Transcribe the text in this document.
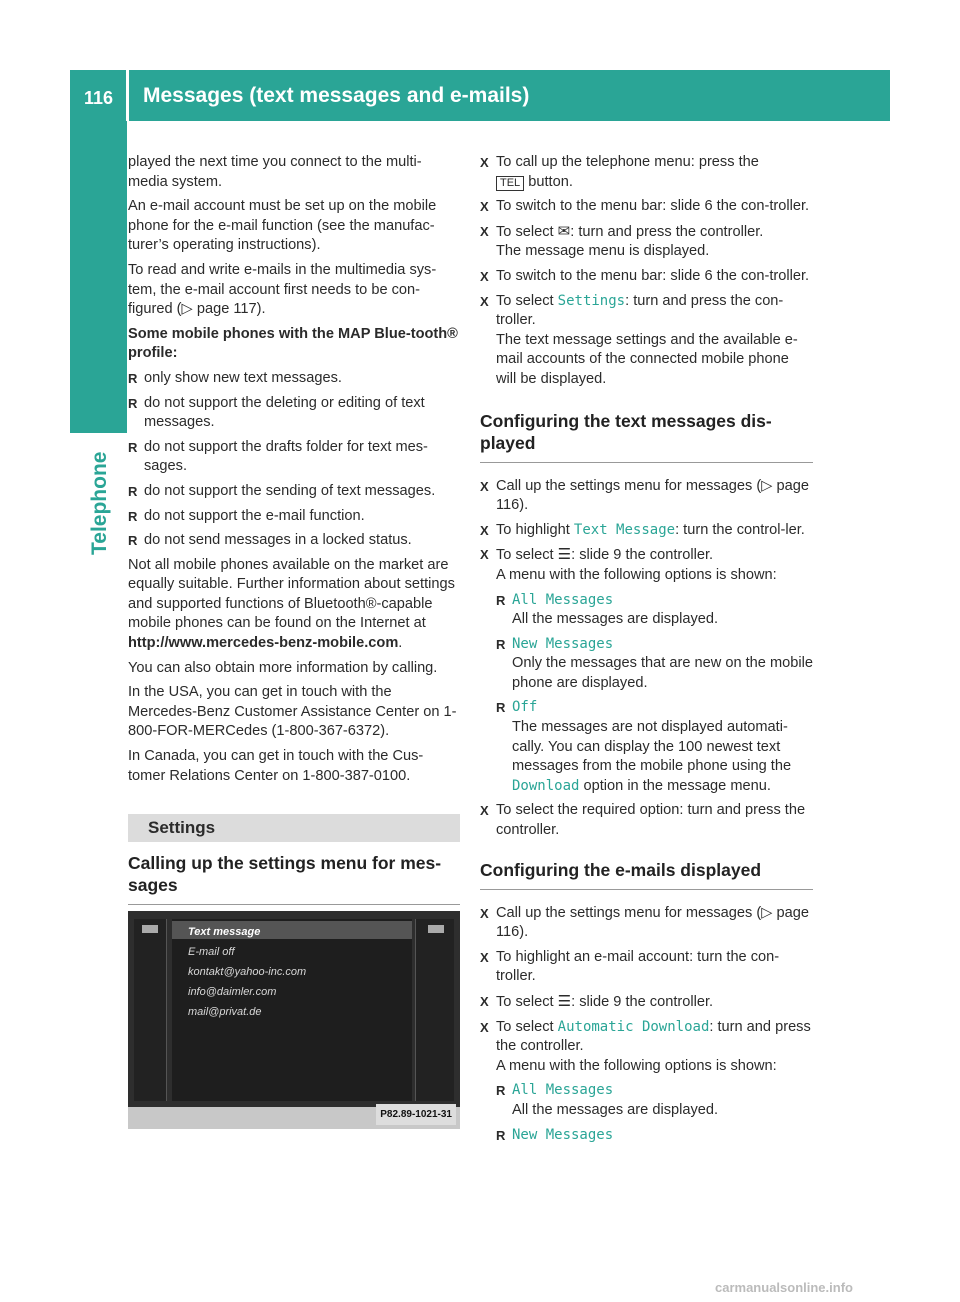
116 Messages (text messages and e-mails)
Telephone

played the next time you connect to the multi-media system.

An e-mail account must be set up on the mobile phone for the e-mail function (see the manufac-turer’s operating instructions).

To read and write e-mails in the multimedia sys-tem, the e-mail account first needs to be con-figured (▷ page 117).

Some mobile phones with the MAP Blue-tooth® profile:

R only show new text messages.
R do not support the deleting or editing of text messages.
R do not support the drafts folder for text mes-sages.
R do not support the sending of text messages.
R do not support the e-mail function.
R do not send messages in a locked status.

Not all mobile phones available on the market are equally suitable. Further information about settings and supported functions of Bluetooth®-capable mobile phones can be found on the Internet at http://www.mercedes-benz-mobile.com.

You can also obtain more information by calling.

In the USA, you can get in touch with the Mercedes-Benz Customer Assistance Center on 1-800-FOR-MERCedes (1-800-367-6372).

In Canada, you can get in touch with the Cus-tomer Relations Center on 1-800-387-0100.

Settings
Calling up the settings menu for mes-sages
Text message
E-mail off
kontakt@yahoo-inc.com
info@daimler.com
mail@privat.de
P82.89-1021-31
X To call up the telephone menu: press the
TEL button.
X To switch to the menu bar: slide 6 the con-troller.
X To select ✉: turn and press the controller.
The message menu is displayed.
X To switch to the menu bar: slide 6 the con-troller.
X To select Settings: turn and press the con-troller.
The text message settings and the available e-mail accounts of the connected mobile phone will be displayed.
Configuring the text messages dis-played
X Call up the settings menu for messages (▷ page 116).
X To highlight Text Message: turn the control-ler.
X To select ☰: slide 9 the controller.
A menu with the following options is shown:
R All Messages
All the messages are displayed.
R New Messages
Only the messages that are new on the mobile phone are displayed.
R Off
The messages are not displayed automati-cally. You can display the 100 newest text messages from the mobile phone using the Download option in the message menu.
X To select the required option: turn and press the controller.
Configuring the e-mails displayed
X Call up the settings menu for messages (▷ page 116).
X To highlight an e-mail account: turn the con-troller.
X To select ☰: slide 9 the controller.
X To select Automatic Download: turn and press the controller.
A menu with the following options is shown:
R All Messages
All the messages are displayed.
R New Messages
carmanualsonline.info
